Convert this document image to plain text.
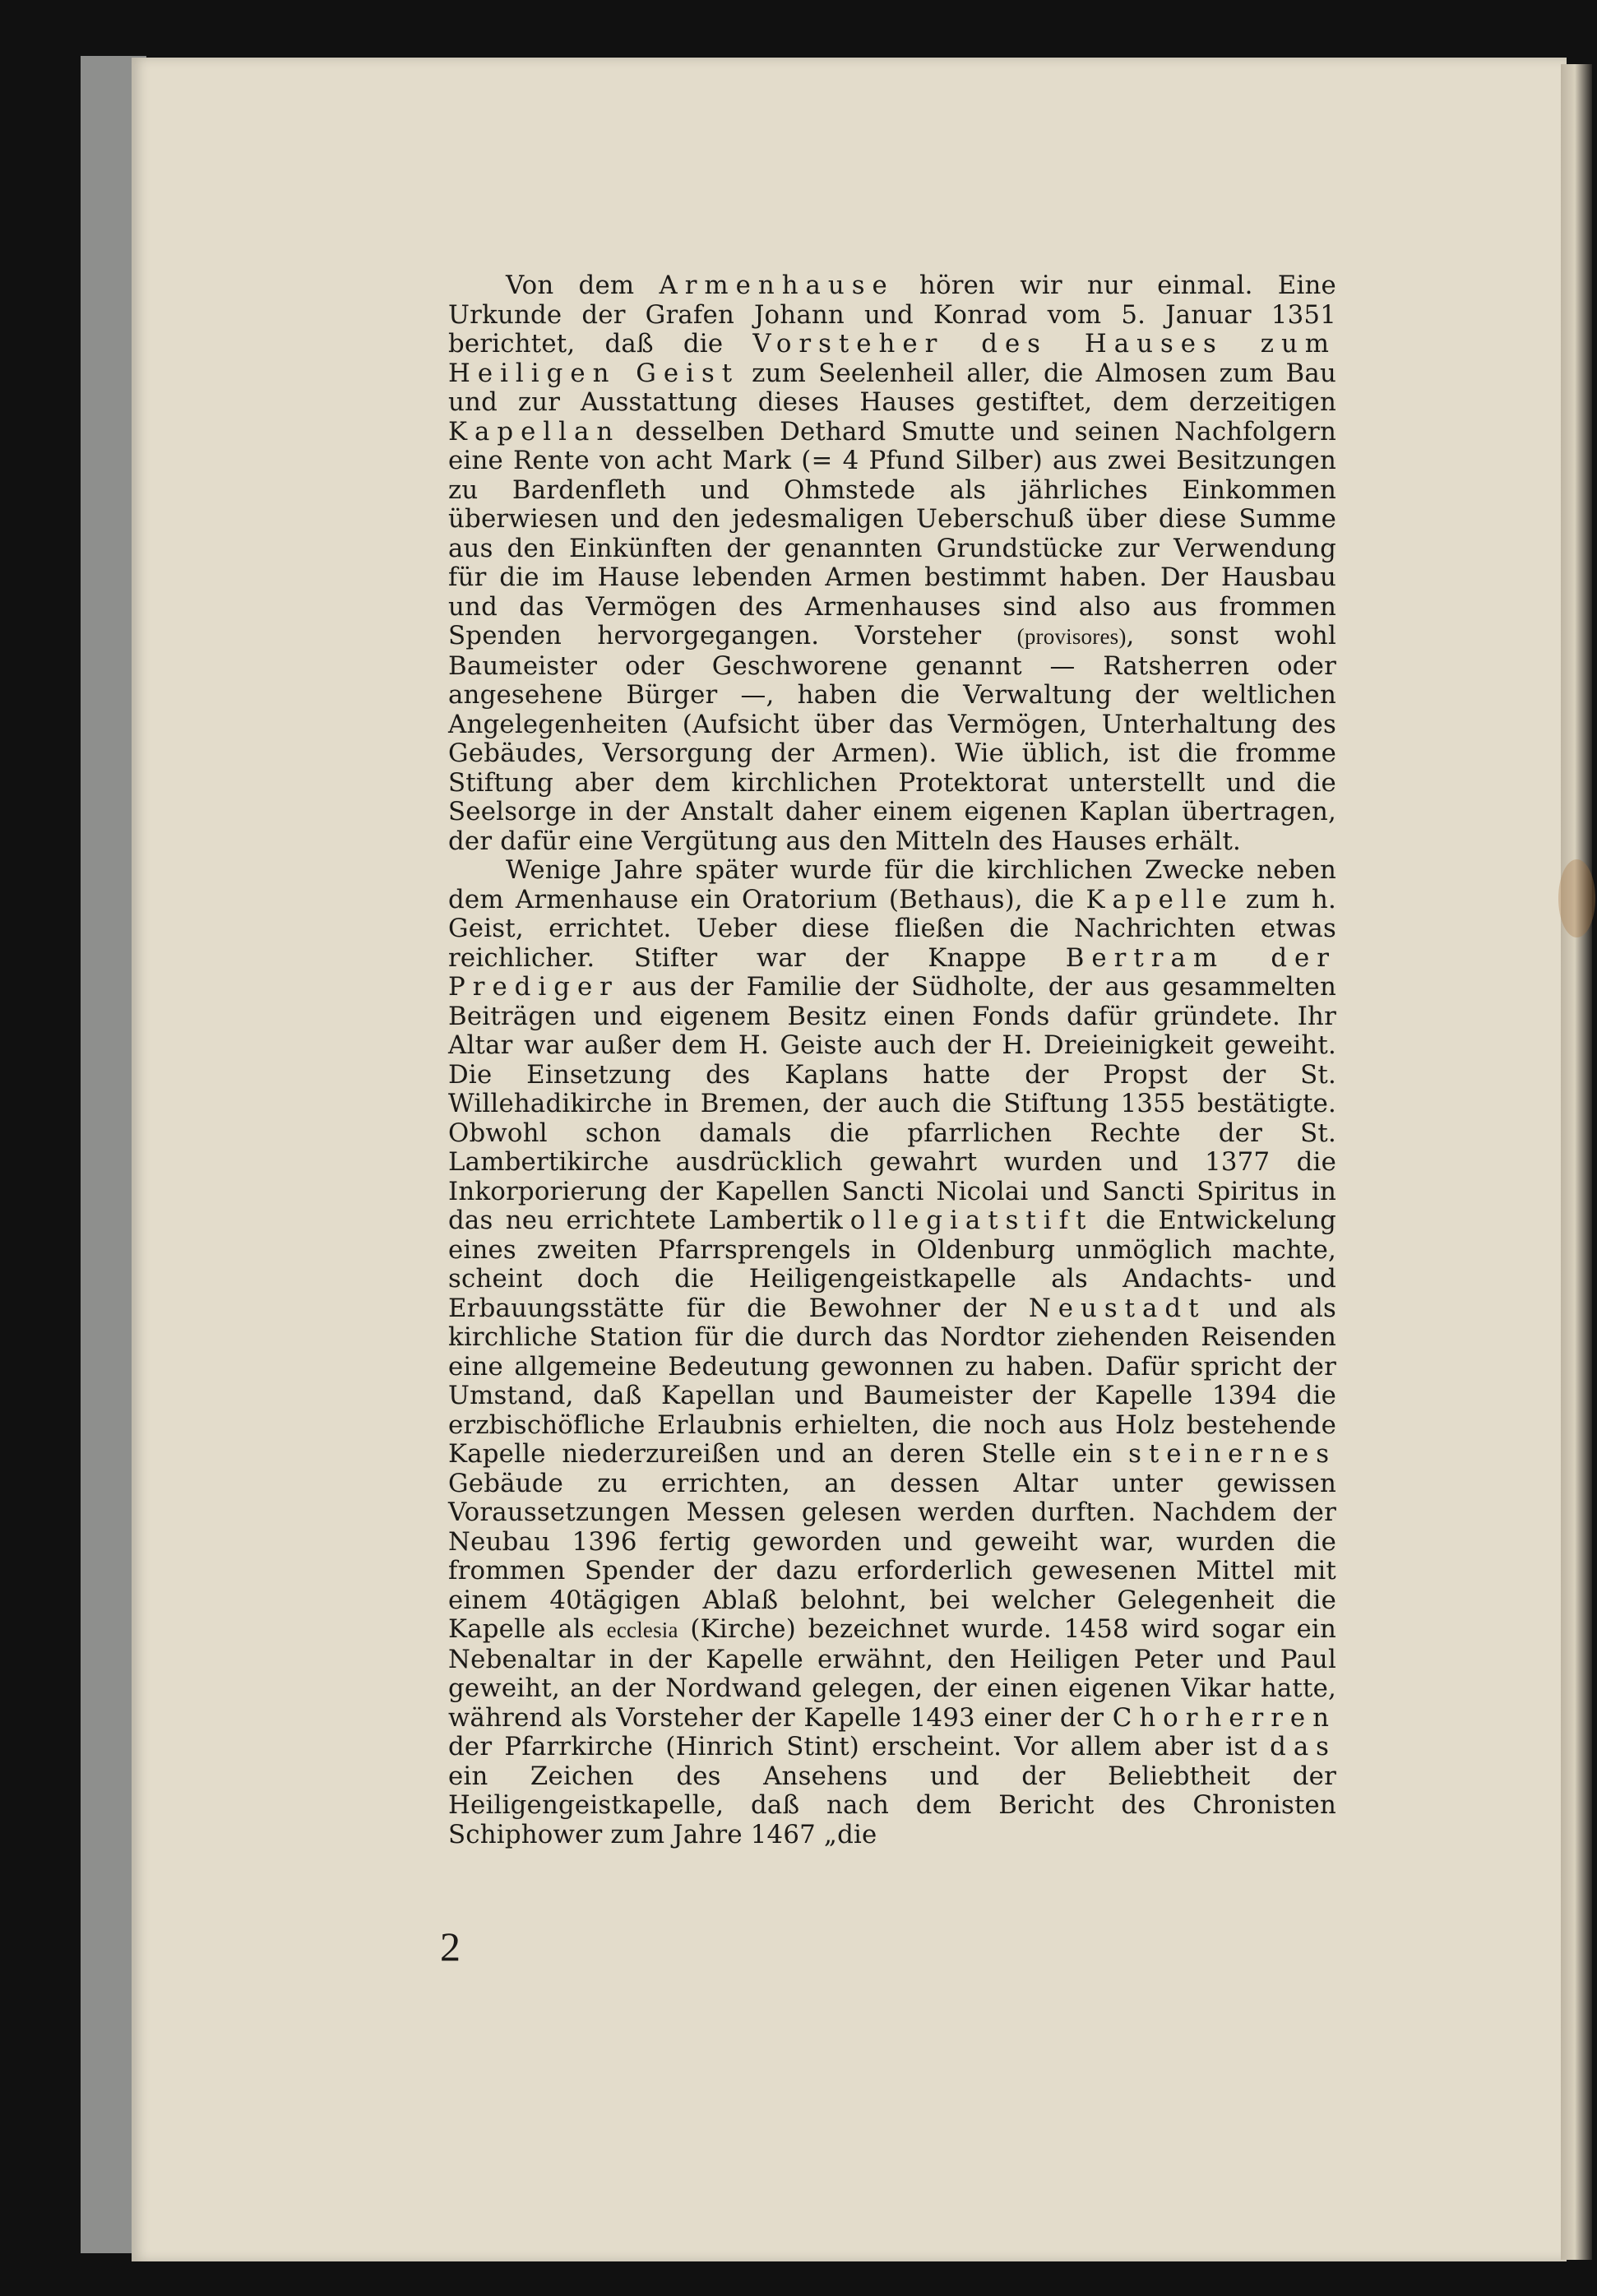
Von dem Armenhause hören wir nur einmal. Eine Urkunde der Grafen Johann und Konrad vom 5. Januar 1351 berichtet, daß die Vorsteher des Hauses zum Heiligen Geist zum Seelenheil aller, die Almosen zum Bau und zur Ausstattung dieses Hauses gestiftet, dem derzeitigen Kapellan desselben Dethard Smutte und seinen Nachfolgern eine Rente von acht Mark (= 4 Pfund Silber) aus zwei Besitzungen zu Bardenfleth und Ohmstede als jährliches Einkommen überwiesen und den jedesmaligen Ueberschuß über diese Summe aus den Einkünften der genannten Grundstücke zur Verwendung für die im Hause lebenden Armen bestimmt haben. Der Hausbau und das Vermögen des Armenhauses sind also aus frommen Spenden hervorgegangen. Vorsteher (provisores), sonst wohl Baumeister oder Geschworene genannt — Ratsherren oder angesehene Bürger —, haben die Verwaltung der weltlichen Angelegenheiten (Aufsicht über das Vermögen, Unterhaltung des Gebäudes, Versorgung der Armen). Wie üblich, ist die fromme Stiftung aber dem kirchlichen Protektorat unterstellt und die Seelsorge in der Anstalt daher einem eigenen Kaplan übertragen, der dafür eine Vergütung aus den Mitteln des Hauses erhält.

Wenige Jahre später wurde für die kirchlichen Zwecke neben dem Armenhause ein Oratorium (Bethaus), die Kapelle zum h. Geist, errichtet. Ueber diese fließen die Nachrichten etwas reichlicher. Stifter war der Knappe Bertram der Prediger aus der Familie der Südholte, der aus gesammelten Beiträgen und eigenem Besitz einen Fonds dafür gründete. Ihr Altar war außer dem H. Geiste auch der H. Dreieinigkeit geweiht. Die Einsetzung des Kaplans hatte der Propst der St. Willehadikirche in Bremen, der auch die Stiftung 1355 bestätigte. Obwohl schon damals die pfarrlichen Rechte der St. Lambertikirche ausdrücklich gewahrt wurden und 1377 die Inkorporierung der Kapellen Sancti Nicolai und Sancti Spiritus in das neu errichtete Lambertikollegiatstift die Entwickelung eines zweiten Pfarrsprengels in Oldenburg unmöglich machte, scheint doch die Heiligengeistkapelle als Andachts- und Erbauungsstätte für die Bewohner der Neustadt und als kirchliche Station für die durch das Nordtor ziehenden Reisenden eine allgemeine Bedeutung gewonnen zu haben. Dafür spricht der Umstand, daß Kapellan und Baumeister der Kapelle 1394 die erzbischöfliche Erlaubnis erhielten, die noch aus Holz bestehende Kapelle niederzureißen und an deren Stelle ein steinernes Gebäude zu errichten, an dessen Altar unter gewissen Voraussetzungen Messen gelesen werden durften. Nachdem der Neubau 1396 fertig geworden und geweiht war, wurden die frommen Spender der dazu erforderlich gewesenen Mittel mit einem 40tägigen Ablaß belohnt, bei welcher Gelegenheit die Kapelle als ecclesia (Kirche) bezeichnet wurde. 1458 wird sogar ein Nebenaltar in der Kapelle erwähnt, den Heiligen Peter und Paul geweiht, an der Nordwand gelegen, der einen eigenen Vikar hatte, während als Vorsteher der Kapelle 1493 einer der Chorherren der Pfarrkirche (Hinrich Stint) erscheint. Vor allem aber ist das ein Zeichen des Ansehens und der Beliebtheit der Heiligengeistkapelle, daß nach dem Bericht des Chronisten Schiphower zum Jahre 1467 „die

2
